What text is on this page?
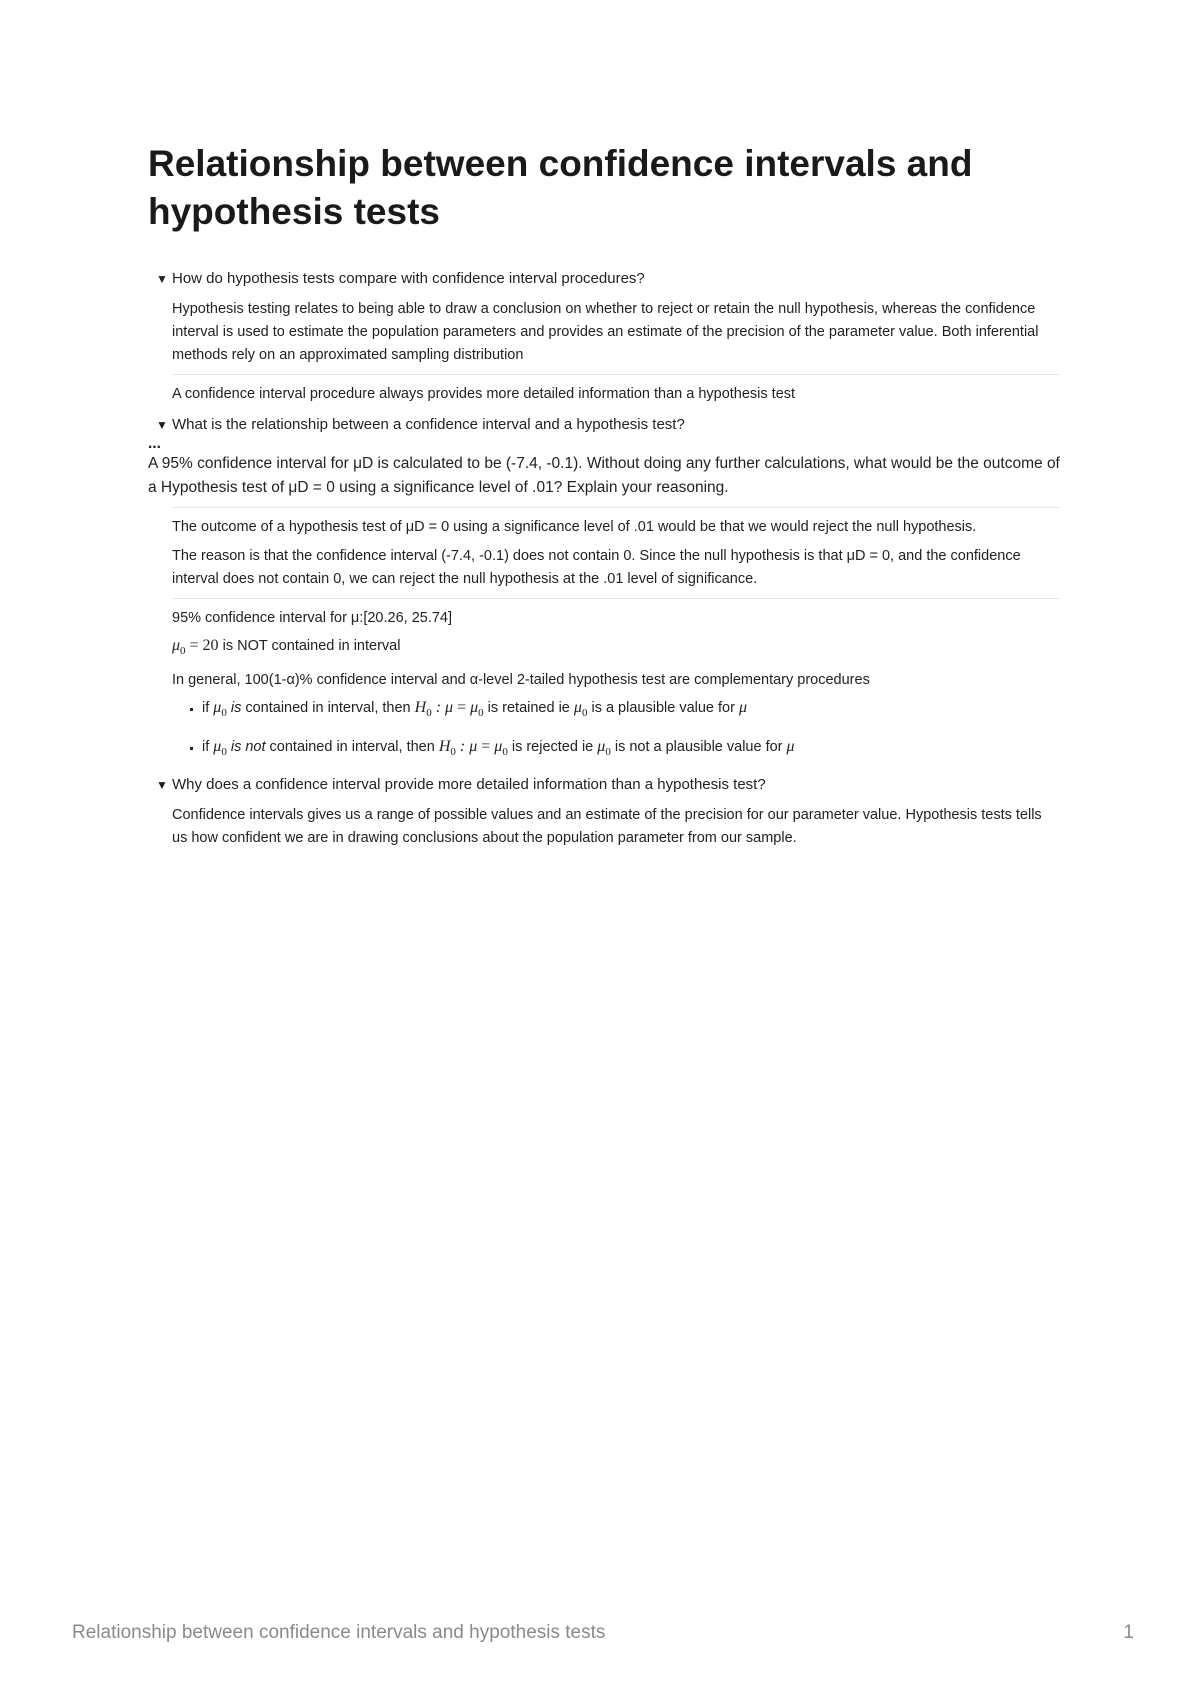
Relationship between confidence intervals and hypothesis tests
▼ How do hypothesis tests compare with confidence interval procedures?

Hypothesis testing relates to being able to draw a conclusion on whether to reject or retain the null hypothesis, whereas the confidence interval is used to estimate the population parameters and provides an estimate of the precision of the parameter value. Both inferential methods rely on an approximated sampling distribution

A confidence interval procedure always provides more detailed information than a hypothesis test

▼ What is the relationship between a confidence interval and a hypothesis test?

...

A 95% confidence interval for μD is calculated to be (-7.4, -0.1). Without doing any further calculations, what would be the outcome of a Hypothesis test of μD = 0 using a significance level of .01? Explain your reasoning.

The outcome of a hypothesis test of μD = 0 using a significance level of .01 would be that we would reject the null hypothesis.

The reason is that the confidence interval (-7.4, -0.1) does not contain 0. Since the null hypothesis is that μD = 0, and the confidence interval does not contain 0, we can reject the null hypothesis at the .01 level of significance.

95% confidence interval for μ:[20.26, 25.74]

$\mu_0 = 20$ is NOT contained in interval

In general, 100(1-α)% confidence interval and α-level 2-tailed hypothesis test are complementary procedures

▪ if $\mu_0$ is contained in interval, then $H_0$ : $\mu = \mu_0$ is retained ie $\mu_0$ is a plausible value for μ
▪ if $\mu_0$ is not contained in interval, then $H_0$ : $\mu = \mu_0$ is rejected ie $\mu_0$ is not a plausible value for μ
▼ Why does a confidence interval provide more detailed information than a hypothesis test?

Confidence intervals gives us a range of possible values and an estimate of the precision for our parameter value. Hypothesis tests tells us how confident we are in drawing conclusions about the population parameter from our sample.

Relationship between confidence intervals and hypothesis tests	1
